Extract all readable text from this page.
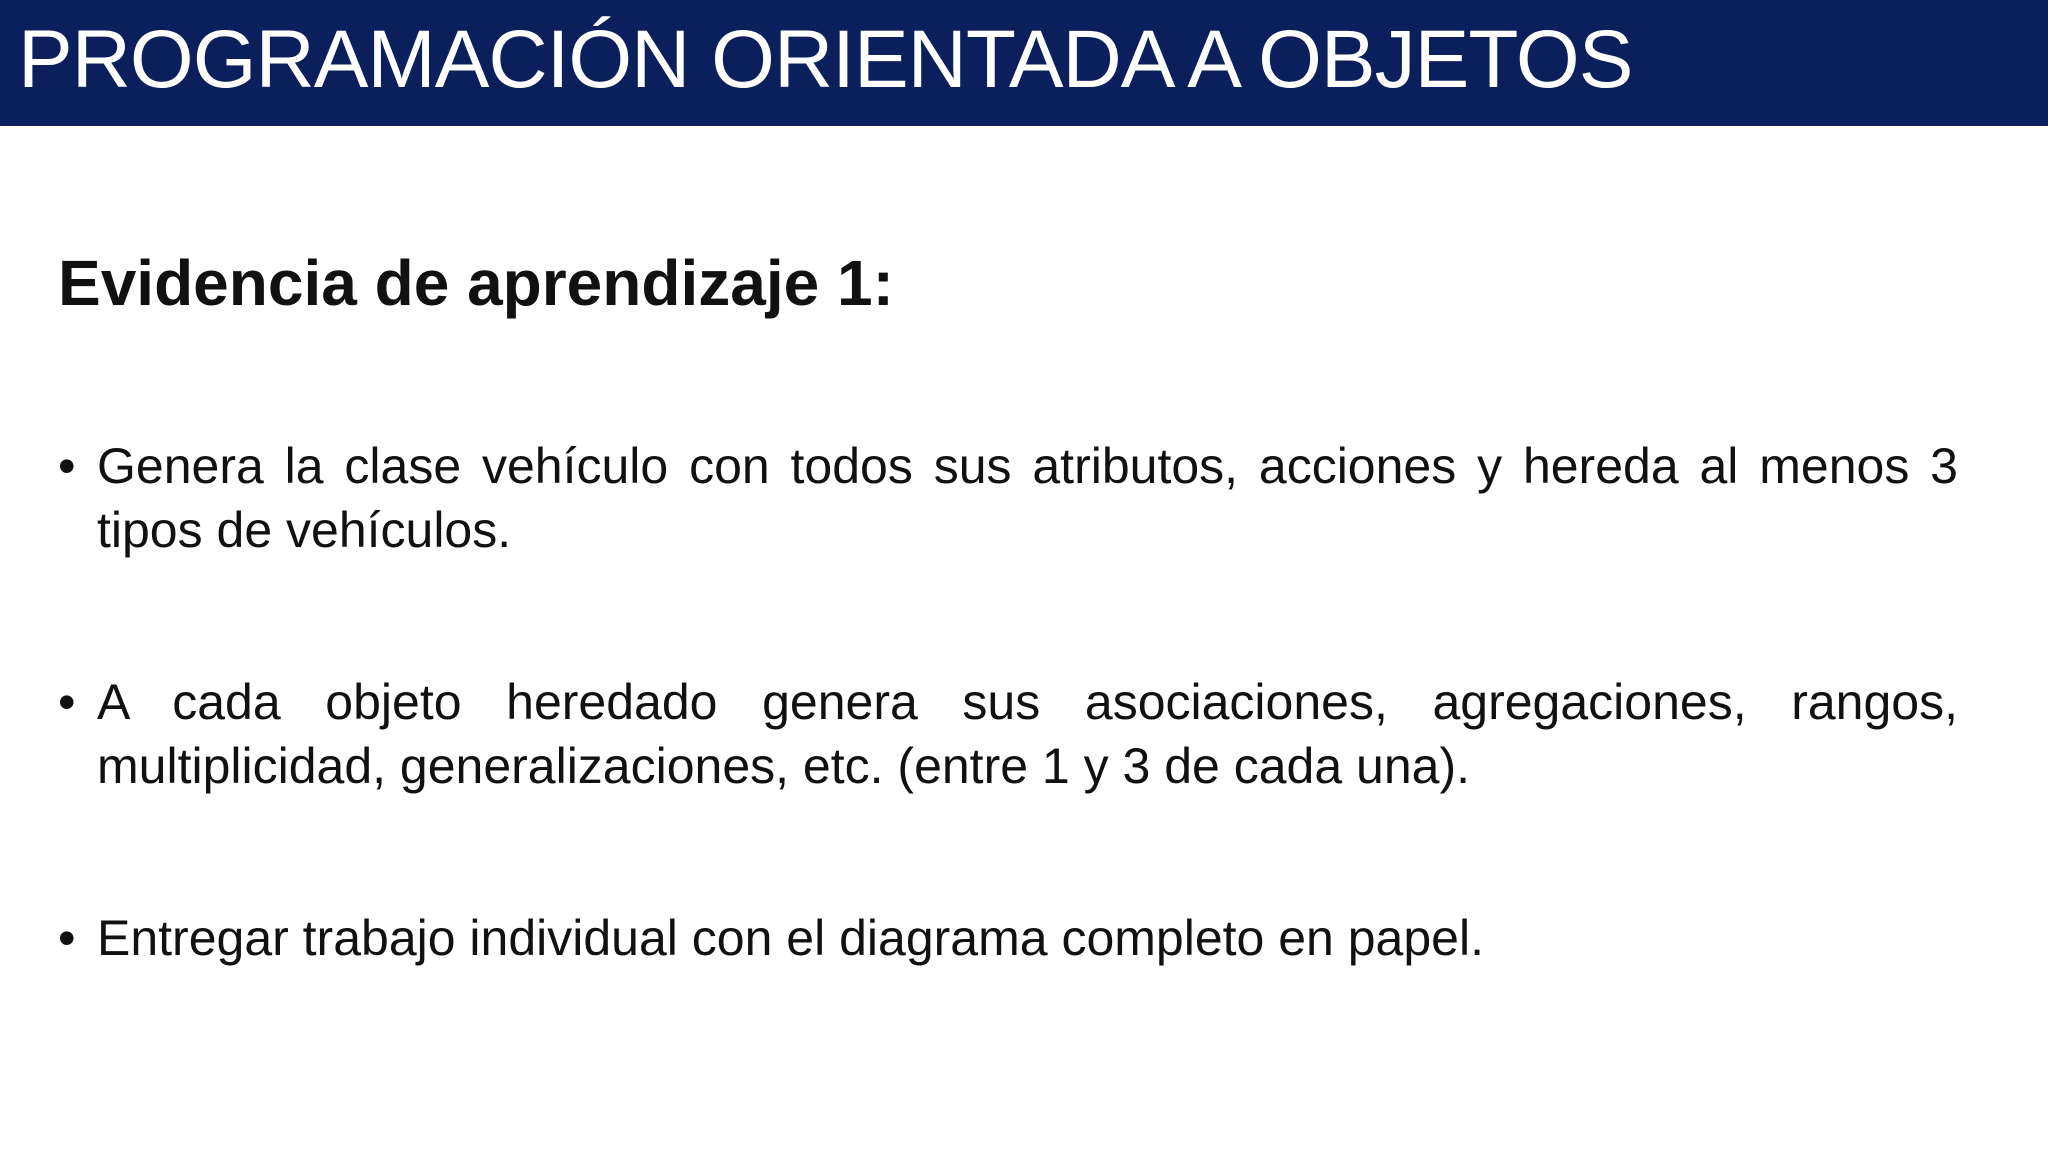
PROGRAMACIÓN ORIENTADA A OBJETOS
Evidencia de aprendizaje 1:
• Genera la clase vehículo con todos sus atributos, acciones y hereda al menos 3 tipos de vehículos.
• A cada objeto heredado genera sus asociaciones, agregaciones, rangos, multiplicidad, generalizaciones, etc. (entre 1 y 3 de cada una).
• Entregar trabajo individual con el diagrama completo en papel.
